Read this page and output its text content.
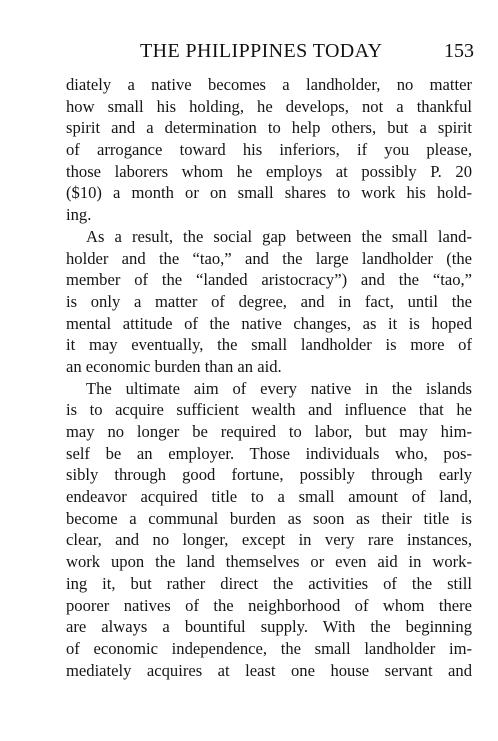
THE PHILIPPINES TODAY	153
diately a native becomes a landholder, no matter
how small his holding, he develops, not a thankful
spirit and a determination to help others, but a spirit
of arrogance toward his inferiors, if you please,
those laborers whom he employs at possibly P. 20
($10) a month or on small shares to work his hold-
ing.
As a result, the social gap between the small land-
holder and the “tao,” and the large landholder (the
member of the “landed aristocracy”) and the “tao,”
is only a matter of degree, and in fact, until the
mental attitude of the native changes, as it is hoped
it may eventually, the small landholder is more of
an economic burden than an aid.
The ultimate aim of every native in the islands
is to acquire sufficient wealth and influence that he
may no longer be required to labor, but may him-
self be an employer. Those individuals who, pos-
sibly through good fortune, possibly through early
endeavor acquired title to a small amount of land,
become a communal burden as soon as their title is
clear, and no longer, except in very rare instances,
work upon the land themselves or even aid in work-
ing it, but rather direct the activities of the still
poorer natives of the neighborhood of whom there
are always a bountiful supply. With the beginning
of economic independence, the small landholder im-
mediately acquires at least one house servant and
